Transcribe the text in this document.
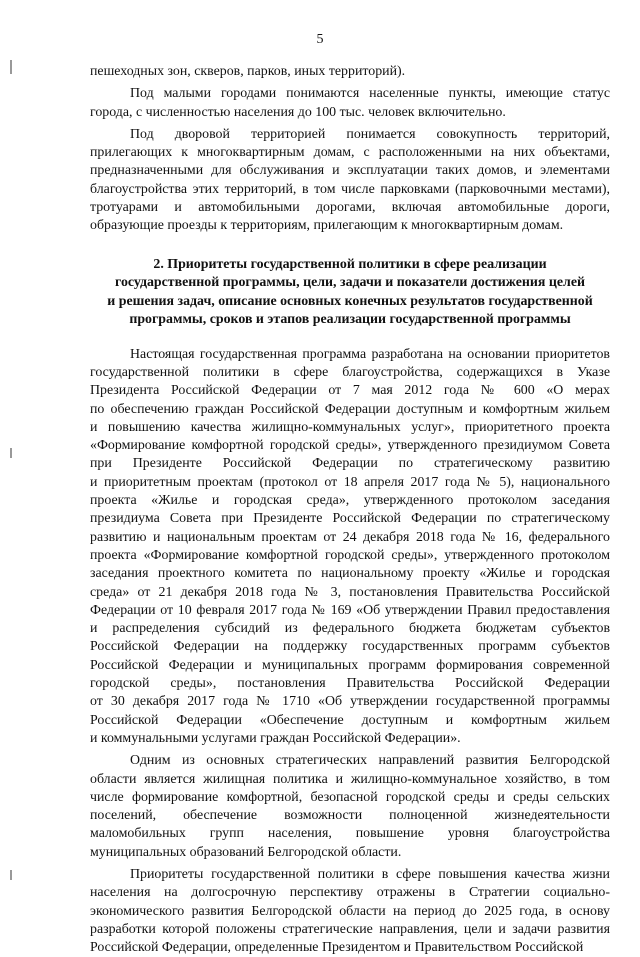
5
пешеходных зон, скверов, парков, иных территорий).
Под малыми городами понимаются населенные пункты, имеющие статус
города, с численностью населения до 100 тыс. человек включительно.
Под дворовой территорией понимается совокупность территорий,
прилегающих к многоквартирным домам, с расположенными на них объектами,
предназначенными для обслуживания и эксплуатации таких домов, и элементами
благоустройства этих территорий, в том числе парковками (парковочными местами),
тротуарами и автомобильными дорогами, включая автомобильные дороги,
образующие проезды к территориям, прилегающим к многоквартирным домам.
2. Приоритеты государственной политики в сфере реализации
государственной программы, цели, задачи и показатели достижения целей
и решения задач, описание основных конечных результатов государственной
программы, сроков и этапов реализации государственной программы
Настоящая государственная программа разработана на основании приоритетов
государственной политики в сфере благоустройства, содержащихся в Указе
Президента Российской Федерации от 7 мая 2012 года № 600 «О мерах
по обеспечению граждан Российской Федерации доступным и комфортным жильем
и повышению качества жилищно-коммунальных услуг», приоритетного проекта
«Формирование комфортной городской среды», утвержденного президиумом Совета
при Президенте Российской Федерации по стратегическому развитию
и приоритетным проектам (протокол от 18 апреля 2017 года № 5), национального
проекта «Жилье и городская среда», утвержденного протоколом заседания
президиума Совета при Президенте Российской Федерации по стратегическому
развитию и национальным проектам от 24 декабря 2018 года № 16, федерального
проекта «Формирование комфортной городской среды», утвержденного протоколом
заседания проектного комитета по национальному проекту «Жилье и городская
среда» от 21 декабря 2018 года № 3, постановления Правительства Российской
Федерации от 10 февраля 2017 года № 169 «Об утверждении Правил предоставления
и распределения субсидий из федерального бюджета бюджетам субъектов
Российской Федерации на поддержку государственных программ субъектов
Российской Федерации и муниципальных программ формирования современной
городской среды», постановления Правительства Российской Федерации
от 30 декабря 2017 года № 1710 «Об утверждении государственной программы
Российской Федерации «Обеспечение доступным и комфортным жильем
и коммунальными услугами граждан Российской Федерации».
Одним из основных стратегических направлений развития Белгородской
области является жилищная политика и жилищно-коммунальное хозяйство, в том
числе формирование комфортной, безопасной городской среды и среды сельских
поселений, обеспечение возможности полноценной жизнедеятельности
маломобильных групп населения, повышение уровня благоустройства
муниципальных образований Белгородской области.
Приоритеты государственной политики в сфере повышения качества жизни
населения на долгосрочную перспективу отражены в Стратегии социально-
экономического развития Белгородской области на период до 2025 года, в основу
разработки которой положены стратегические направления, цели и задачи развития
Российской Федерации, определенные Президентом и Правительством Российской
